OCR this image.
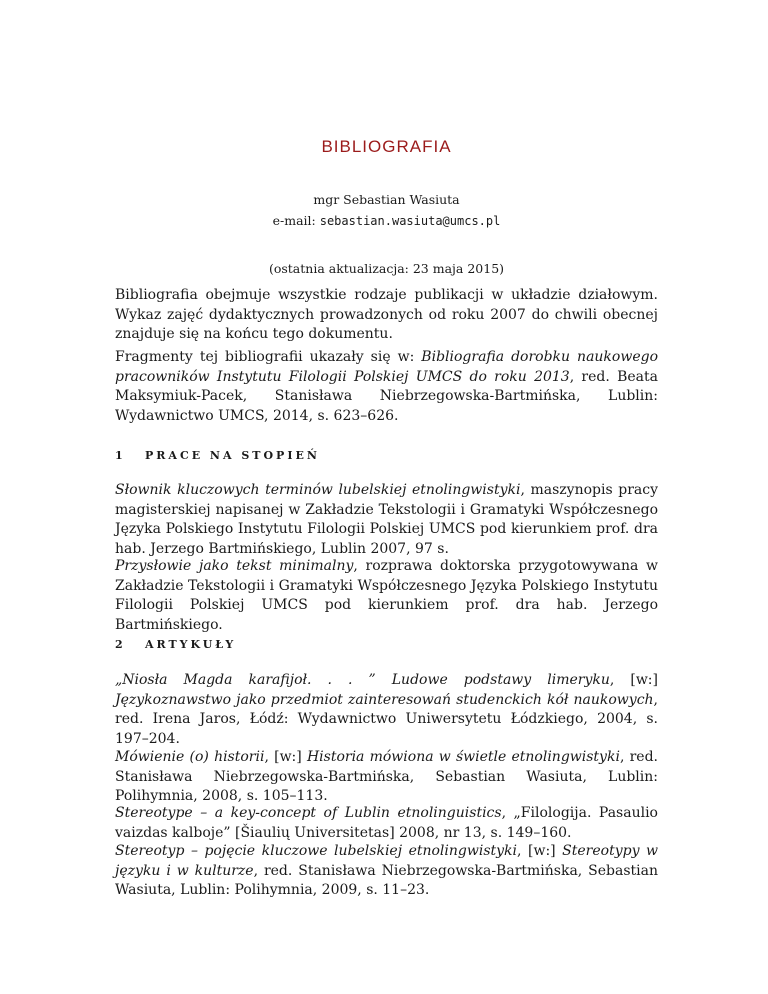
BIBLIOGRAFIA
mgr Sebastian Wasiuta
e-mail: sebastian.wasiuta@umcs.pl
(ostatnia aktualizacja: 23 maja 2015)

Bibliografia obejmuje wszystkie rodzaje publikacji w układzie działowym. Wykaz zajęć dydaktycznych prowadzonych od roku 2007 do chwili obecnej znajduje się na końcu tego dokumentu.

Fragmenty tej bibliografii ukazały się w: Bibliografia dorobku naukowego pracowników Instytutu Filologii Polskiej UMCS do roku 2013, red. Beata Maksymiuk-Pacek, Stanisława Niebrzegowska-Bartmińska, Lublin: Wydawnictwo UMCS, 2014, s. 623–626.

1 PRACE NA STOPIEŃ

Słownik kluczowych terminów lubelskiej etnolingwistyki, maszynopis pracy magisterskiej napisanej w Zakładzie Tekstologii i Gramatyki Współczesnego Języka Polskiego Instytutu Filologii Polskiej UMCS pod kierunkiem prof. dra hab. Jerzego Bartmińskiego, Lublin 2007, 97 s.

Przysłowie jako tekst minimalny, rozprawa doktorska przygotowywana w Zakładzie Tekstologii i Gramatyki Współczesnego Języka Polskiego Instytutu Filologii Polskiej UMCS pod kierunkiem prof. dra hab. Jerzego Bartmińskiego.

2 ARTYKUŁY

„Niosła Magda karafijoł. . . ” Ludowe podstawy limeryku, [w:] Językoznawstwo jako przedmiot zainteresowań studenckich kół naukowych, red. Irena Jaros, Łódź: Wydawnictwo Uniwersytetu Łódzkiego, 2004, s. 197–204.

Mówienie (o) historii, [w:] Historia mówiona w świetle etnolingwistyki, red. Stanisława Niebrzegowska-Bartmińska, Sebastian Wasiuta, Lublin: Polihymnia, 2008, s. 105–113.

Stereotype – a key-concept of Lublin etnolinguistics, „Filologija. Pasaulio vaizdas kalboje” [Šiaulių Universitetas] 2008, nr 13, s. 149–160.

Stereotyp – pojęcie kluczowe lubelskiej etnolingwistyki, [w:] Stereotypy w języku i w kulturze, red. Stanisława Niebrzegowska-Bartmińska, Sebastian Wasiuta, Lublin: Polihymnia, 2009, s. 11–23.
